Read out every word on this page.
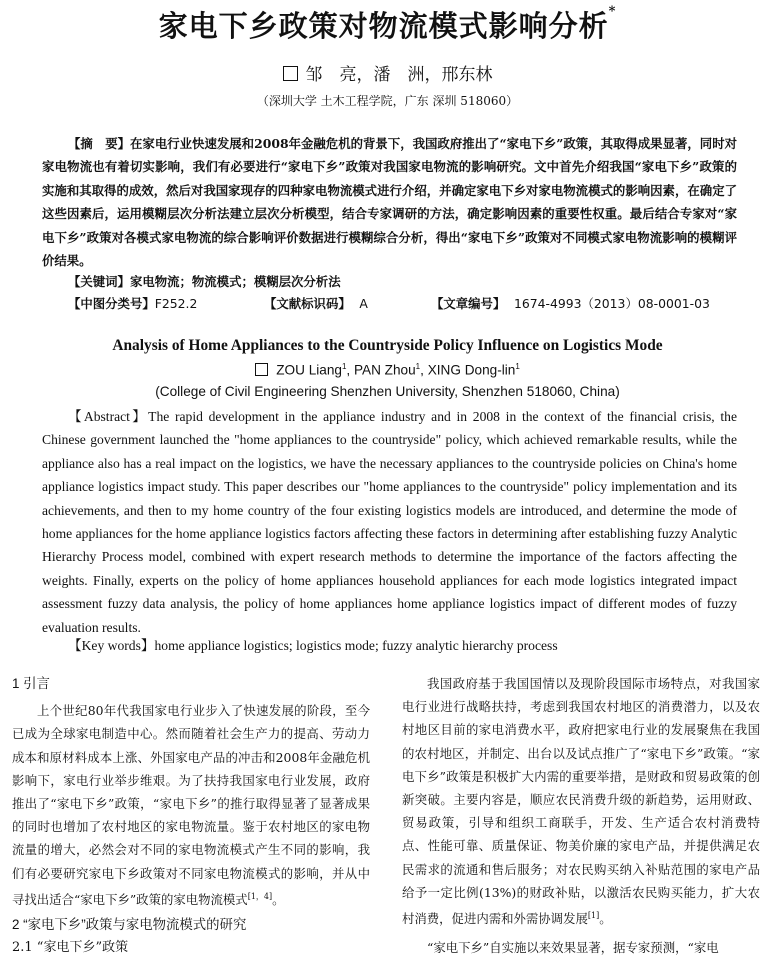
家电下乡政策对物流模式影响分析*
邹　亮，潘　洲，邢东林
（深圳大学 土木工程学院，广东 深圳 518060）
【摘　要】在家电行业快速发展和2008年金融危机的背景下，我国政府推出了“家电下乡”政策，其取得成果显著，同时对家电物流也有着切实影响，我们有必要进行“家电下乡”政策对我国家电物流的影响研究。文中首先介绍我国“家电下乡”政策的实施和其取得的成效，然后对我国家现存的四种家电物流模式进行介绍，并确定家电下乡对家电物流模式的影响因素，在确定了这些因素后，运用模糊层次分析法建立层次分析模型，结合专家调研的方法，确定影响因素的重要性权重。最后结合专家对“家电下乡”政策对各模式家电物流的综合影响评价数据进行模糊综合分析，得出“家电下乡”政策对不同模式家电物流影响的模糊评价结果。
【关键词】家电物流；物流模式；模糊层次分析法
【中图分类号】F252.2	【文献标识码】 A	【文章编号】 1674-4993（2013）08-0001-03
Analysis of Home Appliances to the Countryside Policy Influence on Logistics Mode
ZOU Liang$^1$, PAN Zhou$^1$, XING Dong-lin$^1$
(College of Civil Engineering Shenzhen University, Shenzhen 518060, China)
【Abstract】The rapid development in the appliance industry and in 2008 in the context of the financial crisis, the Chinese government launched the "home appliances to the countryside" policy, which achieved remarkable results, while the appliance also has a real impact on the logistics, we have the necessary appliances to the countryside policies on China's home appliance logistics impact study. This paper describes our "home appliances to the countryside" policy implementation and its achievements, and then to my home country of the four existing logistics models are introduced, and determine the mode of home appliances for the home appliance logistics factors affecting these factors in determining after establishing fuzzy Analytic Hierarchy Process model, combined with expert research methods to determine the importance of the factors affecting the weights. Finally, experts on the policy of home appliances household appliances for each mode logistics integrated impact assessment fuzzy data analysis, the policy of home appliances home appliance logistics impact of different modes of fuzzy evaluation results.
【Key words】home appliance logistics; logistics mode; fuzzy analytic hierarchy process

1 引言

上个世纪80年代我国家电行业步入了快速发展的阶段，至今已成为全球家电制造中心。然而随着社会生产力的提高、劳动力成本和原材料成本上涨、外国家电产品的冲击和2008年金融危机影响下，家电行业举步维艰。为了扶持我国家电行业发展，政府推出了“家电下乡”政策，“家电下乡”的推行取得显著了显著成果的同时也增加了农村地区的家电物流量。鉴于农村地区的家电物流量的增大，必然会对不同的家电物流模式产生不同的影响，我们有必要研究家电下乡政策对不同家电物流模式的影响，并从中寻找出适合“家电下乡”政策的家电物流模式[1，4]。

2 “家电下乡”政策与家电物流模式的研究

2.1 “家电下乡”政策

我国政府基于我国国情以及现阶段国际市场特点，对我国家电行业进行战略扶持，考虑到我国农村地区的消费潜力，以及农村地区目前的家电消费水平，政府把家电行业的发展聚焦在我国的农村地区，并制定、出台以及试点推广了“家电下乡”政策。“家电下乡”政策是积极扩大内需的重要举措，是财政和贸易政策的创新突破。主要内容是，顺应农民消费升级的新趋势，运用财政、贸易政策，引导和组织工商联手，开发、生产适合农村消费特点、性能可靠、质量保证、物美价廉的家电产品，并提供满足农民需求的流通和售后服务；对农民购买纳入补贴范围的家电产品给予一定比例(13%)的财政补贴，以激活农民购买能力，扩大农村消费，促进内需和外需协调发展[1]。

“家电下乡”自实施以来效果显著，据专家预测，“家电
